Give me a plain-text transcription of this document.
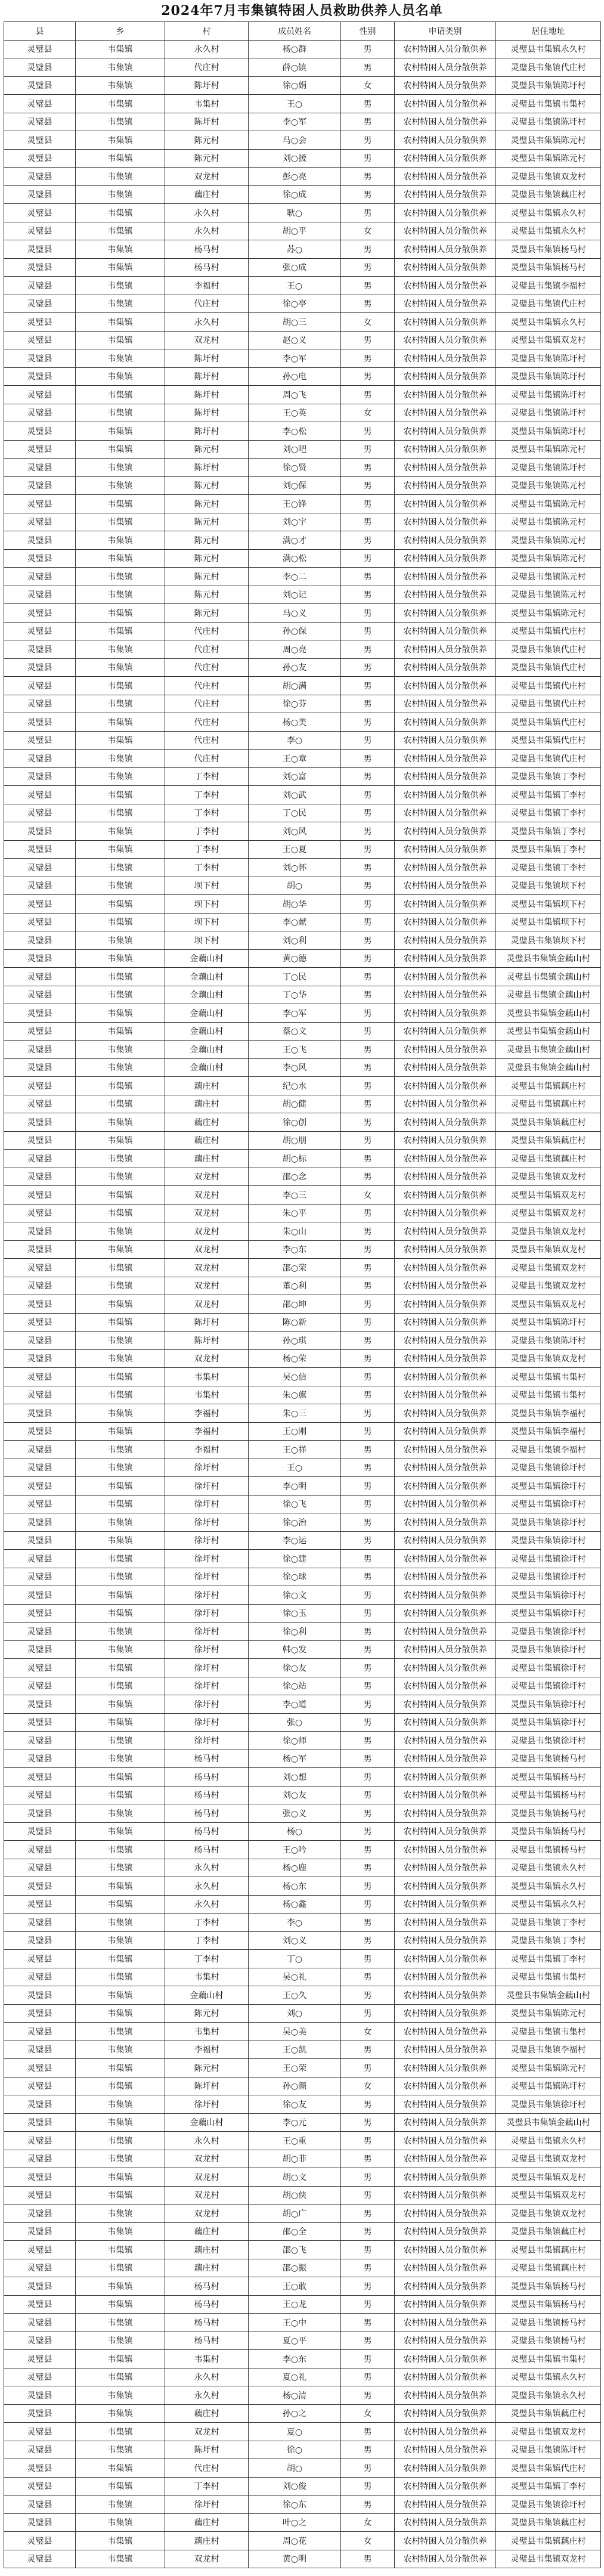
2024年7月韦集镇特困人员救助供养人员名单
县	乡	村	成员姓名	性别	申请类别	居住地址
灵璧县	韦集镇	永久村	杨○群	男	农村特困人员分散供养	灵璧县韦集镇永久村
灵璧县	韦集镇	代庄村	薛○镇	男	农村特困人员分散供养	灵璧县韦集镇代庄村
灵璧县	韦集镇	陈圩村	徐○娟	女	农村特困人员分散供养	灵璧县韦集镇陈圩村
灵璧县	韦集镇	韦集村	王○	男	农村特困人员分散供养	灵璧县韦集镇韦集村
灵璧县	韦集镇	陈圩村	李○军	男	农村特困人员分散供养	灵璧县韦集镇陈圩村
灵璧县	韦集镇	陈元村	马○会	男	农村特困人员分散供养	灵璧县韦集镇陈元村
灵璧县	韦集镇	陈元村	刘○援	男	农村特困人员分散供养	灵璧县韦集镇陈元村
灵璧县	韦集镇	双龙村	彭○亮	男	农村特困人员分散供养	灵璧县韦集镇双龙村
灵璧县	韦集镇	藕庄村	徐○成	男	农村特困人员分散供养	灵璧县韦集镇藕庄村
灵璧县	韦集镇	永久村	耿○	男	农村特困人员分散供养	灵璧县韦集镇永久村
灵璧县	韦集镇	永久村	胡○平	女	农村特困人员分散供养	灵璧县韦集镇永久村
灵璧县	韦集镇	杨马村	苏○	男	农村特困人员分散供养	灵璧县韦集镇杨马村
灵璧县	韦集镇	杨马村	张○成	男	农村特困人员分散供养	灵璧县韦集镇杨马村
灵璧县	韦集镇	李福村	王○	男	农村特困人员分散供养	灵璧县韦集镇李福村
灵璧县	韦集镇	代庄村	徐○亭	男	农村特困人员分散供养	灵璧县韦集镇代庄村
灵璧县	韦集镇	永久村	胡○三	女	农村特困人员分散供养	灵璧县韦集镇永久村
灵璧县	韦集镇	双龙村	赵○义	男	农村特困人员分散供养	灵璧县韦集镇双龙村
灵璧县	韦集镇	陈圩村	李○军	男	农村特困人员分散供养	灵璧县韦集镇陈圩村
灵璧县	韦集镇	陈圩村	孙○电	男	农村特困人员分散供养	灵璧县韦集镇陈圩村
灵璧县	韦集镇	陈圩村	周○飞	男	农村特困人员分散供养	灵璧县韦集镇陈圩村
灵璧县	韦集镇	陈圩村	王○英	女	农村特困人员分散供养	灵璧县韦集镇陈圩村
灵璧县	韦集镇	陈圩村	李○松	男	农村特困人员分散供养	灵璧县韦集镇陈圩村
灵璧县	韦集镇	陈元村	刘○吧	男	农村特困人员分散供养	灵璧县韦集镇陈元村
灵璧县	韦集镇	陈圩村	徐○贤	男	农村特困人员分散供养	灵璧县韦集镇陈圩村
灵璧县	韦集镇	陈元村	刘○保	男	农村特困人员分散供养	灵璧县韦集镇陈元村
灵璧县	韦集镇	陈元村	王○锋	男	农村特困人员分散供养	灵璧县韦集镇陈元村
灵璧县	韦集镇	陈元村	刘○宇	男	农村特困人员分散供养	灵璧县韦集镇陈元村
灵璧县	韦集镇	陈元村	满○才	男	农村特困人员分散供养	灵璧县韦集镇陈元村
灵璧县	韦集镇	陈元村	满○松	男	农村特困人员分散供养	灵璧县韦集镇陈元村
灵璧县	韦集镇	陈元村	李○二	男	农村特困人员分散供养	灵璧县韦集镇陈元村
灵璧县	韦集镇	陈元村	刘○记	男	农村特困人员分散供养	灵璧县韦集镇陈元村
灵璧县	韦集镇	陈元村	马○义	男	农村特困人员分散供养	灵璧县韦集镇陈元村
灵璧县	韦集镇	代庄村	孙○保	男	农村特困人员分散供养	灵璧县韦集镇代庄村
灵璧县	韦集镇	代庄村	周○亮	男	农村特困人员分散供养	灵璧县韦集镇代庄村
灵璧县	韦集镇	代庄村	孙○友	男	农村特困人员分散供养	灵璧县韦集镇代庄村
灵璧县	韦集镇	代庄村	胡○满	男	农村特困人员分散供养	灵璧县韦集镇代庄村
灵璧县	韦集镇	代庄村	徐○芬	男	农村特困人员分散供养	灵璧县韦集镇代庄村
灵璧县	韦集镇	代庄村	杨○美	男	农村特困人员分散供养	灵璧县韦集镇代庄村
灵璧县	韦集镇	代庄村	李○	男	农村特困人员分散供养	灵璧县韦集镇代庄村
灵璧县	韦集镇	代庄村	王○章	男	农村特困人员分散供养	灵璧县韦集镇代庄村
灵璧县	韦集镇	丁李村	刘○富	男	农村特困人员分散供养	灵璧县韦集镇丁李村
灵璧县	韦集镇	丁李村	刘○武	男	农村特困人员分散供养	灵璧县韦集镇丁李村
灵璧县	韦集镇	丁李村	丁○民	男	农村特困人员分散供养	灵璧县韦集镇丁李村
灵璧县	韦集镇	丁李村	刘○风	男	农村特困人员分散供养	灵璧县韦集镇丁李村
灵璧县	韦集镇	丁李村	王○夏	男	农村特困人员分散供养	灵璧县韦集镇丁李村
灵璧县	韦集镇	丁李村	刘○怀	男	农村特困人员分散供养	灵璧县韦集镇丁李村
灵璧县	韦集镇	坝下村	胡○	男	农村特困人员分散供养	灵璧县韦集镇坝下村
灵璧县	韦集镇	坝下村	胡○华	男	农村特困人员分散供养	灵璧县韦集镇坝下村
灵璧县	韦集镇	坝下村	李○献	男	农村特困人员分散供养	灵璧县韦集镇坝下村
灵璧县	韦集镇	坝下村	刘○利	男	农村特困人员分散供养	灵璧县韦集镇坝下村
灵璧县	韦集镇	金藕山村	黄○德	男	农村特困人员分散供养	灵璧县韦集镇金藕山村
灵璧县	韦集镇	金藕山村	丁○民	男	农村特困人员分散供养	灵璧县韦集镇金藕山村
灵璧县	韦集镇	金藕山村	丁○华	男	农村特困人员分散供养	灵璧县韦集镇金藕山村
灵璧县	韦集镇	金藕山村	李○军	男	农村特困人员分散供养	灵璧县韦集镇金藕山村
灵璧县	韦集镇	金藕山村	蔡○文	男	农村特困人员分散供养	灵璧县韦集镇金藕山村
灵璧县	韦集镇	金藕山村	王○飞	男	农村特困人员分散供养	灵璧县韦集镇金藕山村
灵璧县	韦集镇	金藕山村	李○风	男	农村特困人员分散供养	灵璧县韦集镇金藕山村
灵璧县	韦集镇	藕庄村	纪○水	男	农村特困人员分散供养	灵璧县韦集镇藕庄村
灵璧县	韦集镇	藕庄村	胡○健	男	农村特困人员分散供养	灵璧县韦集镇藕庄村
灵璧县	韦集镇	藕庄村	徐○创	男	农村特困人员分散供养	灵璧县韦集镇藕庄村
灵璧县	韦集镇	藕庄村	胡○朋	男	农村特困人员分散供养	灵璧县韦集镇藕庄村
灵璧县	韦集镇	藕庄村	胡○标	男	农村特困人员分散供养	灵璧县韦集镇藕庄村
灵璧县	韦集镇	双龙村	邵○念	男	农村特困人员分散供养	灵璧县韦集镇双龙村
灵璧县	韦集镇	双龙村	李○三	女	农村特困人员分散供养	灵璧县韦集镇双龙村
灵璧县	韦集镇	双龙村	朱○平	男	农村特困人员分散供养	灵璧县韦集镇双龙村
灵璧县	韦集镇	双龙村	朱○山	男	农村特困人员分散供养	灵璧县韦集镇双龙村
灵璧县	韦集镇	双龙村	李○东	男	农村特困人员分散供养	灵璧县韦集镇双龙村
灵璧县	韦集镇	双龙村	邵○荣	男	农村特困人员分散供养	灵璧县韦集镇双龙村
灵璧县	韦集镇	双龙村	董○利	男	农村特困人员分散供养	灵璧县韦集镇双龙村
灵璧县	韦集镇	双龙村	邵○坤	男	农村特困人员分散供养	灵璧县韦集镇双龙村
灵璧县	韦集镇	陈圩村	陈○新	男	农村特困人员分散供养	灵璧县韦集镇陈圩村
灵璧县	韦集镇	陈圩村	孙○琪	男	农村特困人员分散供养	灵璧县韦集镇陈圩村
灵璧县	韦集镇	双龙村	杨○荣	男	农村特困人员分散供养	灵璧县韦集镇双龙村
灵璧县	韦集镇	韦集村	吴○信	男	农村特困人员分散供养	灵璧县韦集镇韦集村
灵璧县	韦集镇	韦集村	朱○旗	男	农村特困人员分散供养	灵璧县韦集镇韦集村
灵璧县	韦集镇	李福村	朱○三	男	农村特困人员分散供养	灵璧县韦集镇李福村
灵璧县	韦集镇	李福村	王○刚	男	农村特困人员分散供养	灵璧县韦集镇李福村
灵璧县	韦集镇	李福村	王○祥	男	农村特困人员分散供养	灵璧县韦集镇李福村
灵璧县	韦集镇	徐圩村	王○	男	农村特困人员分散供养	灵璧县韦集镇徐圩村
灵璧县	韦集镇	徐圩村	李○明	男	农村特困人员分散供养	灵璧县韦集镇徐圩村
灵璧县	韦集镇	徐圩村	徐○飞	男	农村特困人员分散供养	灵璧县韦集镇徐圩村
灵璧县	韦集镇	徐圩村	徐○治	男	农村特困人员分散供养	灵璧县韦集镇徐圩村
灵璧县	韦集镇	徐圩村	李○运	男	农村特困人员分散供养	灵璧县韦集镇徐圩村
灵璧县	韦集镇	徐圩村	徐○建	男	农村特困人员分散供养	灵璧县韦集镇徐圩村
灵璧县	韦集镇	徐圩村	徐○球	男	农村特困人员分散供养	灵璧县韦集镇徐圩村
灵璧县	韦集镇	徐圩村	徐○文	男	农村特困人员分散供养	灵璧县韦集镇徐圩村
灵璧县	韦集镇	徐圩村	徐○玉	男	农村特困人员分散供养	灵璧县韦集镇徐圩村
灵璧县	韦集镇	徐圩村	徐○利	男	农村特困人员分散供养	灵璧县韦集镇徐圩村
灵璧县	韦集镇	徐圩村	韩○发	男	农村特困人员分散供养	灵璧县韦集镇徐圩村
灵璧县	韦集镇	徐圩村	徐○友	男	农村特困人员分散供养	灵璧县韦集镇徐圩村
灵璧县	韦集镇	徐圩村	徐○站	男	农村特困人员分散供养	灵璧县韦集镇徐圩村
灵璧县	韦集镇	徐圩村	李○道	男	农村特困人员分散供养	灵璧县韦集镇徐圩村
灵璧县	韦集镇	徐圩村	张○	男	农村特困人员分散供养	灵璧县韦集镇徐圩村
灵璧县	韦集镇	徐圩村	徐○师	男	农村特困人员分散供养	灵璧县韦集镇徐圩村
灵璧县	韦集镇	杨马村	杨○军	男	农村特困人员分散供养	灵璧县韦集镇杨马村
灵璧县	韦集镇	杨马村	刘○想	男	农村特困人员分散供养	灵璧县韦集镇杨马村
灵璧县	韦集镇	杨马村	刘○友	男	农村特困人员分散供养	灵璧县韦集镇杨马村
灵璧县	韦集镇	杨马村	张○义	男	农村特困人员分散供养	灵璧县韦集镇杨马村
灵璧县	韦集镇	杨马村	杨○	男	农村特困人员分散供养	灵璧县韦集镇杨马村
灵璧县	韦集镇	杨马村	王○吟	男	农村特困人员分散供养	灵璧县韦集镇杨马村
灵璧县	韦集镇	永久村	杨○鹿	男	农村特困人员分散供养	灵璧县韦集镇永久村
灵璧县	韦集镇	永久村	杨○东	男	农村特困人员分散供养	灵璧县韦集镇永久村
灵璧县	韦集镇	永久村	杨○鑫	男	农村特困人员分散供养	灵璧县韦集镇永久村
灵璧县	韦集镇	丁李村	李○	男	农村特困人员分散供养	灵璧县韦集镇丁李村
灵璧县	韦集镇	丁李村	刘○义	男	农村特困人员分散供养	灵璧县韦集镇丁李村
灵璧县	韦集镇	丁李村	丁○	男	农村特困人员分散供养	灵璧县韦集镇丁李村
灵璧县	韦集镇	韦集村	吴○礼	男	农村特困人员分散供养	灵璧县韦集镇韦集村
灵璧县	韦集镇	金藕山村	王○久	男	农村特困人员分散供养	灵璧县韦集镇金藕山村
灵璧县	韦集镇	陈元村	刘○	男	农村特困人员分散供养	灵璧县韦集镇陈元村
灵璧县	韦集镇	韦集村	吴○美	女	农村特困人员分散供养	灵璧县韦集镇韦集村
灵璧县	韦集镇	李福村	王○凯	男	农村特困人员分散供养	灵璧县韦集镇李福村
灵璧县	韦集镇	陈元村	王○荣	男	农村特困人员分散供养	灵璧县韦集镇陈元村
灵璧县	韦集镇	陈圩村	孙○颜	女	农村特困人员分散供养	灵璧县韦集镇陈圩村
灵璧县	韦集镇	徐圩村	徐○友	男	农村特困人员分散供养	灵璧县韦集镇徐圩村
灵璧县	韦集镇	金藕山村	李○元	男	农村特困人员分散供养	灵璧县韦集镇金藕山村
灵璧县	韦集镇	永久村	王○重	男	农村特困人员分散供养	灵璧县韦集镇永久村
灵璧县	韦集镇	双龙村	胡○菲	男	农村特困人员分散供养	灵璧县韦集镇双龙村
灵璧县	韦集镇	双龙村	胡○文	男	农村特困人员分散供养	灵璧县韦集镇双龙村
灵璧县	韦集镇	双龙村	胡○侠	男	农村特困人员分散供养	灵璧县韦集镇双龙村
灵璧县	韦集镇	双龙村	胡○广	男	农村特困人员分散供养	灵璧县韦集镇双龙村
灵璧县	韦集镇	藕庄村	邵○全	男	农村特困人员分散供养	灵璧县韦集镇藕庄村
灵璧县	韦集镇	藕庄村	邵○飞	男	农村特困人员分散供养	灵璧县韦集镇藕庄村
灵璧县	韦集镇	藕庄村	邵○振	男	农村特困人员分散供养	灵璧县韦集镇藕庄村
灵璧县	韦集镇	杨马村	王○敢	男	农村特困人员分散供养	灵璧县韦集镇杨马村
灵璧县	韦集镇	杨马村	王○龙	男	农村特困人员分散供养	灵璧县韦集镇杨马村
灵璧县	韦集镇	杨马村	王○中	男	农村特困人员分散供养	灵璧县韦集镇杨马村
灵璧县	韦集镇	杨马村	夏○平	男	农村特困人员分散供养	灵璧县韦集镇杨马村
灵璧县	韦集镇	韦集村	李○东	男	农村特困人员分散供养	灵璧县韦集镇韦集村
灵璧县	韦集镇	永久村	夏○礼	男	农村特困人员分散供养	灵璧县韦集镇永久村
灵璧县	韦集镇	永久村	杨○清	男	农村特困人员分散供养	灵璧县韦集镇永久村
灵璧县	韦集镇	藕庄村	孙○之	女	农村特困人员分散供养	灵璧县韦集镇藕庄村
灵璧县	韦集镇	双龙村	夏○	男	农村特困人员分散供养	灵璧县韦集镇双龙村
灵璧县	韦集镇	陈圩村	徐○	男	农村特困人员分散供养	灵璧县韦集镇陈圩村
灵璧县	韦集镇	代庄村	胡○	男	农村特困人员分散供养	灵璧县韦集镇代庄村
灵璧县	韦集镇	丁李村	刘○俊	男	农村特困人员分散供养	灵璧县韦集镇丁李村
灵璧县	韦集镇	徐圩村	徐○东	男	农村特困人员分散供养	灵璧县韦集镇徐圩村
灵璧县	韦集镇	藕庄村	叶○之	女	农村特困人员分散供养	灵璧县韦集镇藕庄村
灵璧县	韦集镇	藕庄村	周○花	女	农村特困人员分散供养	灵璧县韦集镇藕庄村
灵璧县	韦集镇	双龙村	黄○明	男	农村特困人员分散供养	灵璧县韦集镇双龙村
